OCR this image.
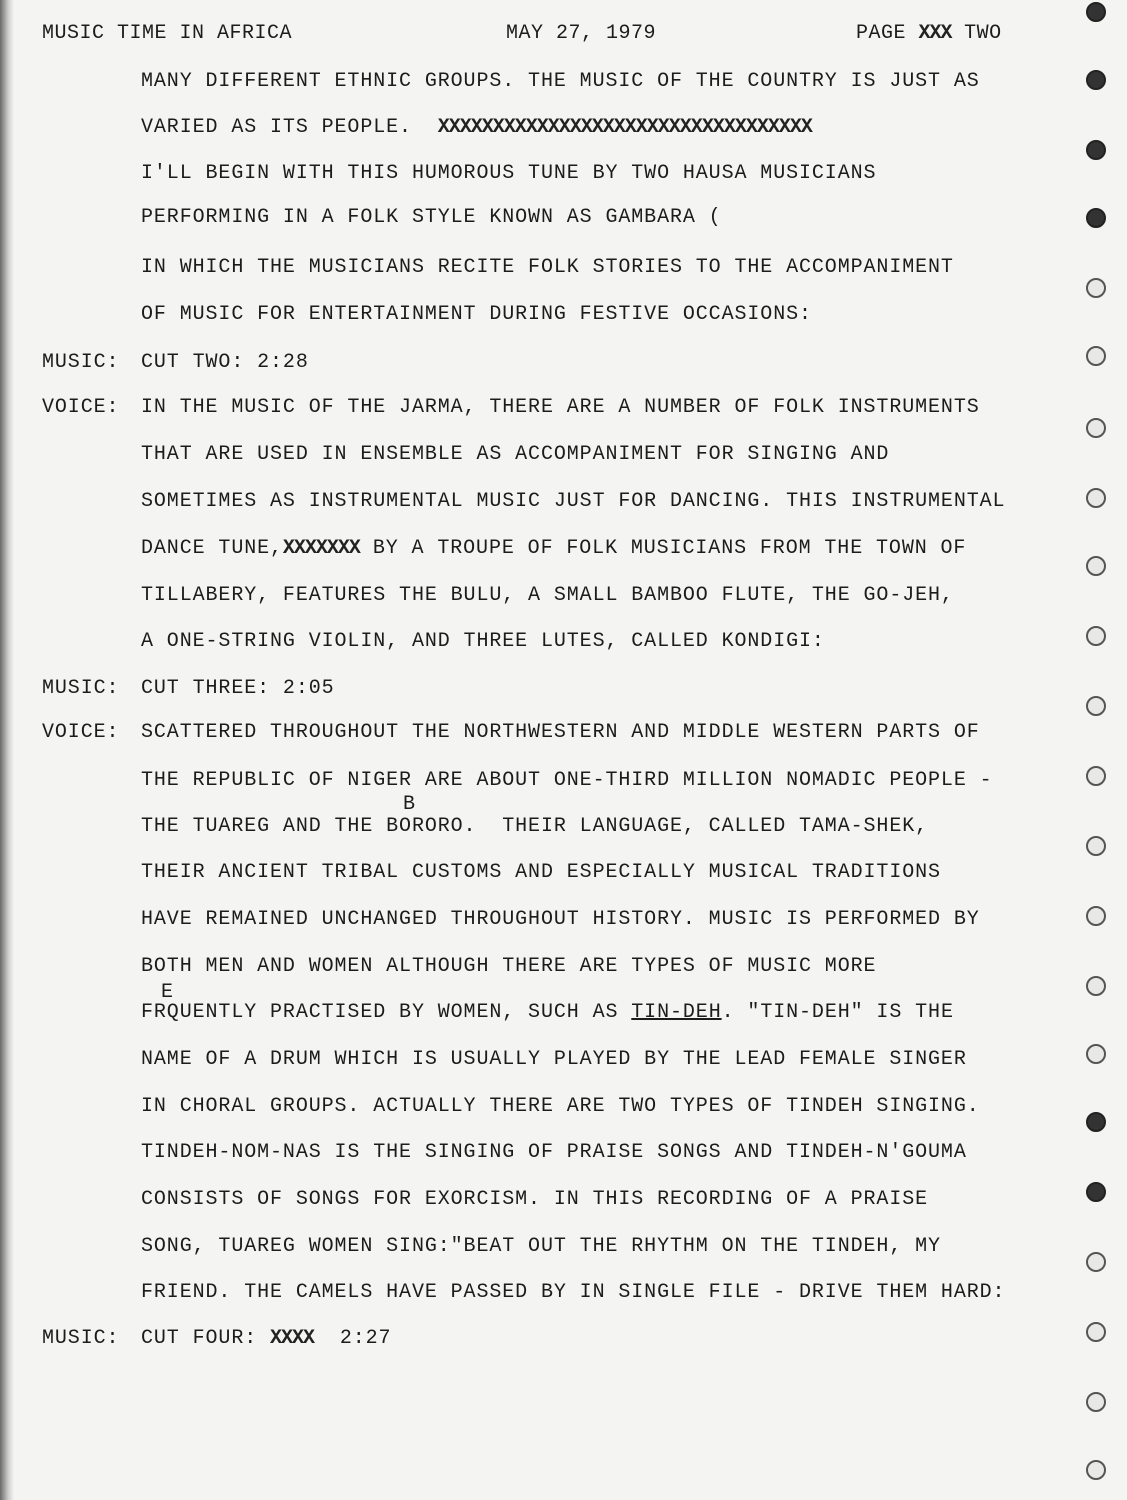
MUSIC TIME IN AFRICA	MAY 27, 1979	PAGE XXX TWO
MANY DIFFERENT ETHNIC GROUPS. THE MUSIC OF THE COUNTRY IS JUST AS
VARIED AS ITS PEOPLE. XXXXXXXXXXXXXXXXXXXXXXXXXXXXXXXXXX
I'LL BEGIN WITH THIS HUMOROUS TUNE BY TWO HAUSA MUSICIANS
PERFORMING IN A FOLK STYLE KNOWN AS GAMBARA (
IN WHICH THE MUSICIANS RECITE FOLK STORIES TO THE ACCOMPANIMENT
OF MUSIC FOR ENTERTAINMENT DURING FESTIVE OCCASIONS:
MUSIC: CUT TWO: 2:28
VOICE: IN THE MUSIC OF THE JARMA, THERE ARE A NUMBER OF FOLK INSTRUMENTS
THAT ARE USED IN ENSEMBLE AS ACCOMPANIMENT FOR SINGING AND
SOMETIMES AS INSTRUMENTAL MUSIC JUST FOR DANCING. THIS INSTRUMENTAL
DANCE TUNE,XXXXXXX BY A TROUPE OF FOLK MUSICIANS FROM THE TOWN OF
TILLABERY, FEATURES THE BULU, A SMALL BAMBOO FLUTE, THE GO-JEH,
A ONE-STRING VIOLIN, AND THREE LUTES, CALLED KONDIGI:
MUSIC: CUT THREE: 2:05
VOICE: SCATTERED THROUGHOUT THE NORTHWESTERN AND MIDDLE WESTERN PARTS OF
THE REPUBLIC OF NIGER ARE ABOUT ONE-THIRD MILLION NOMADIC PEOPLE -
B
THE TUAREG AND THE BORORO.  THEIR LANGUAGE, CALLED TAMA-SHEK,
THEIR ANCIENT TRIBAL CUSTOMS AND ESPECIALLY MUSICAL TRADITIONS
HAVE REMAINED UNCHANGED THROUGHOUT HISTORY. MUSIC IS PERFORMED BY
BOTH MEN AND WOMEN ALTHOUGH THERE ARE TYPES OF MUSIC MORE
E
FRQUENTLY PRACTISED BY WOMEN, SUCH AS TIN-DEH. "TIN-DEH" IS THE
NAME OF A DRUM WHICH IS USUALLY PLAYED BY THE LEAD FEMALE SINGER
IN CHORAL GROUPS. ACTUALLY THERE ARE TWO TYPES OF TINDEH SINGING.
TINDEH-NOM-NAS IS THE SINGING OF PRAISE SONGS AND TINDEH-N'GOUMA
CONSISTS OF SONGS FOR EXORCISM. IN THIS RECORDING OF A PRAISE
SONG, TUAREG WOMEN SING:"BEAT OUT THE RHYTHM ON THE TINDEH, MY
FRIEND. THE CAMELS HAVE PASSED BY IN SINGLE FILE - DRIVE THEM HARD:
MUSIC: CUT FOUR: XXXX  2:27
